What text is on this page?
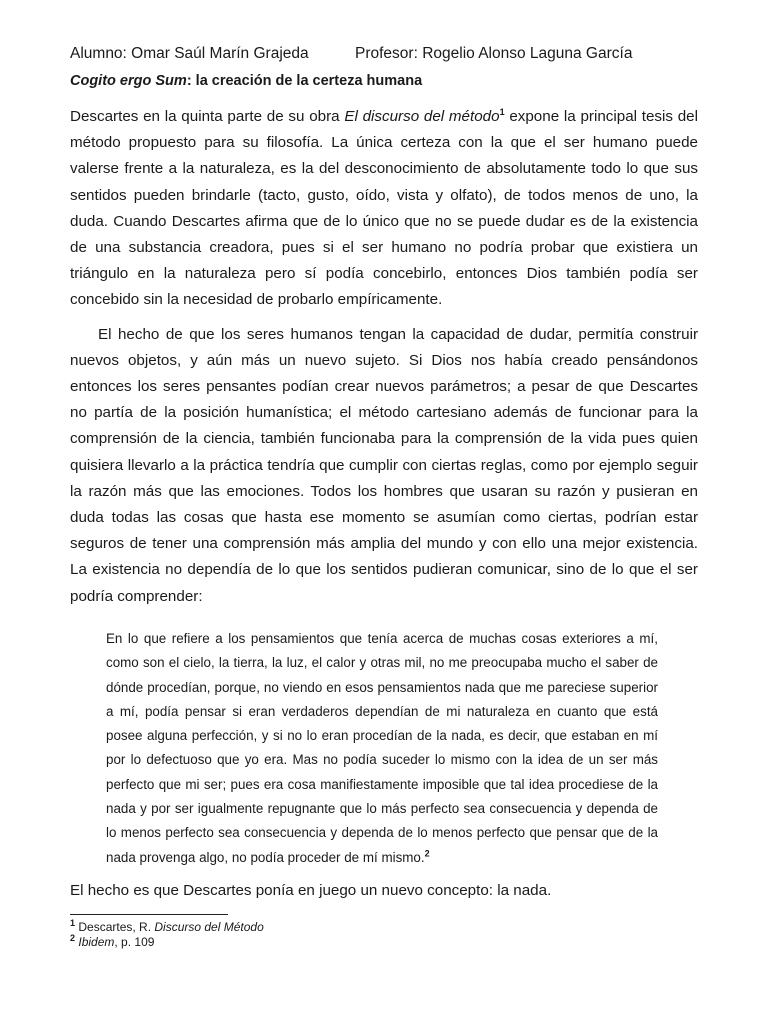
Alumno: Omar Saúl Marín Grajeda	Profesor: Rogelio Alonso Laguna García
Cogito ergo Sum: la creación de la certeza humana

Descartes en la quinta parte de su obra El discurso del método$^1$ expone la principal tesis del método propuesto para su filosofía. La única certeza con la que el ser humano puede valerse frente a la naturaleza, es la del desconocimiento de absolutamente todo lo que sus sentidos pueden brindarle (tacto, gusto, oído, vista y olfato), de todos menos de uno, la duda. Cuando Descartes afirma que de lo único que no se puede dudar es de la existencia de una substancia creadora, pues si el ser humano no podría probar que existiera un triángulo en la naturaleza pero sí podía concebirlo, entonces Dios también podía ser concebido sin la necesidad de probarlo empíricamente.

El hecho de que los seres humanos tengan la capacidad de dudar, permitía construir nuevos objetos, y aún más un nuevo sujeto. Si Dios nos había creado pensándonos entonces los seres pensantes podían crear nuevos parámetros; a pesar de que Descartes no partía de la posición humanística; el método cartesiano además de funcionar para la comprensión de la ciencia, también funcionaba para la comprensión de la vida pues quien quisiera llevarlo a la práctica tendría que cumplir con ciertas reglas, como por ejemplo seguir la razón más que las emociones. Todos los hombres que usaran su razón y pusieran en duda todas las cosas que hasta ese momento se asumían como ciertas, podrían estar seguros de tener una comprensión más amplia del mundo y con ello una mejor existencia. La existencia no dependía de lo que los sentidos pudieran comunicar, sino de lo que el ser podría comprender:

En lo que refiere a los pensamientos que tenía acerca de muchas cosas exteriores a mí, como son el cielo, la tierra, la luz, el calor y otras mil, no me preocupaba mucho el saber de dónde procedían, porque, no viendo en esos pensamientos nada que me pareciese superior a mí, podía pensar si eran verdaderos dependían de mi naturaleza en cuanto que está posee alguna perfección, y si no lo eran procedían de la nada, es decir, que estaban en mí por lo defectuoso que yo era. Mas no podía suceder lo mismo con la idea de un ser más perfecto que mi ser; pues era cosa manifiestamente imposible que tal idea procediese de la nada y por ser igualmente repugnante que lo más perfecto sea consecuencia y dependa de lo menos perfecto sea consecuencia y dependa de lo menos perfecto que pensar que de la nada provenga algo, no podía proceder de mí mismo.$^2$
El hecho es que Descartes ponía en juego un nuevo concepto: la nada.
$^1$ Descartes, R. Discurso del Método
$^2$ Ibidem, p. 109
